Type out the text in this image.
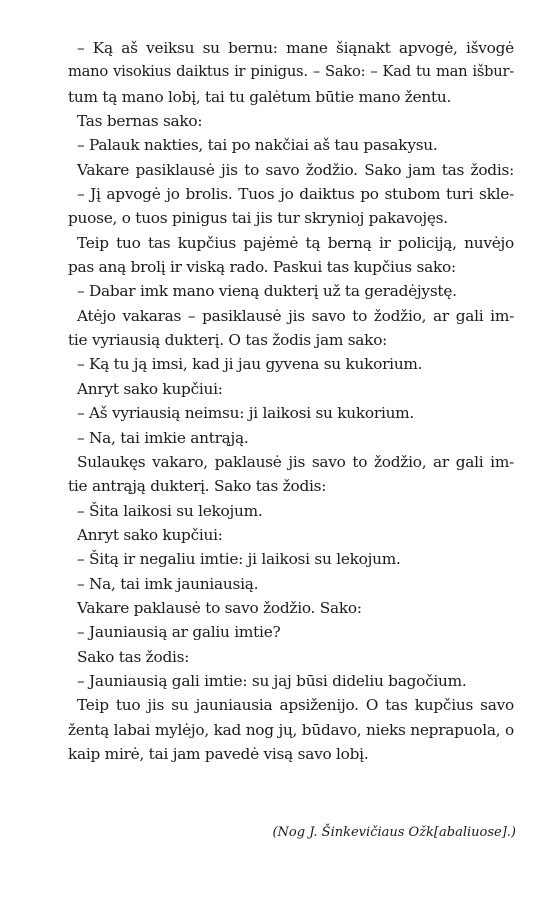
– Ką aš veiksu su bernu: mane šiąnakt apvogė, išvogė
mano visokius daiktus ir pinigus. – Sako: – Kad tu man išbur-
tum tą mano lobį, tai tu galėtum būtie mano žentu.
Tas bernas sako:
– Palauk nakties, tai po nakčiai aš tau pasakysu.
Vakare pasiklausė jis to savo žodžio. Sako jam tas žodis:
– Jį apvogė jo brolis. Tuos jo daiktus po stubom turi skle-
puose, o tuos pinigus tai jis tur skrynioj pakavojęs.
Teip tuo tas kupčius pajėmė tą berną ir policiją, nuvėjo
pas aną brolį ir viską rado. Paskui tas kupčius sako:
– Dabar imk mano vieną dukterį už ta geradėjystę.
Atėjo vakaras – pasiklausė jis savo to žodžio, ar gali im-
tie vyriausią dukterį. O tas žodis jam sako:
– Ką tu ją imsi, kad ji jau gyvena su kukorium.
Anryt sako kupčiui:
– Aš vyriausią neimsu: ji laikosi su kukorium.
– Na, tai imkie antrąją.
Sulaukęs vakaro, paklausė jis savo to žodžio, ar gali im-
tie antrąją dukterį. Sako tas žodis:
– Šita laikosi su lekojum.
Anryt sako kupčiui:
– Šitą ir negaliu imtie: ji laikosi su lekojum.
– Na, tai imk jauniausią.
Vakare paklausė to savo žodžio. Sako:
– Jauniausią ar galiu imtie?
Sako tas žodis:
– Jauniausią gali imtie: su jaj būsi dideliu bagočium.
Teip tuo jis su jauniausia apsiženijo. O tas kupčius savo
žentą labai mylėjo, kad nog jų, būdavo, nieks neprapuola, o
kaip mirė, tai jam pavedė visą savo lobį.
(Nog J. Šinkevičiaus Ožk[abaliuose].)
